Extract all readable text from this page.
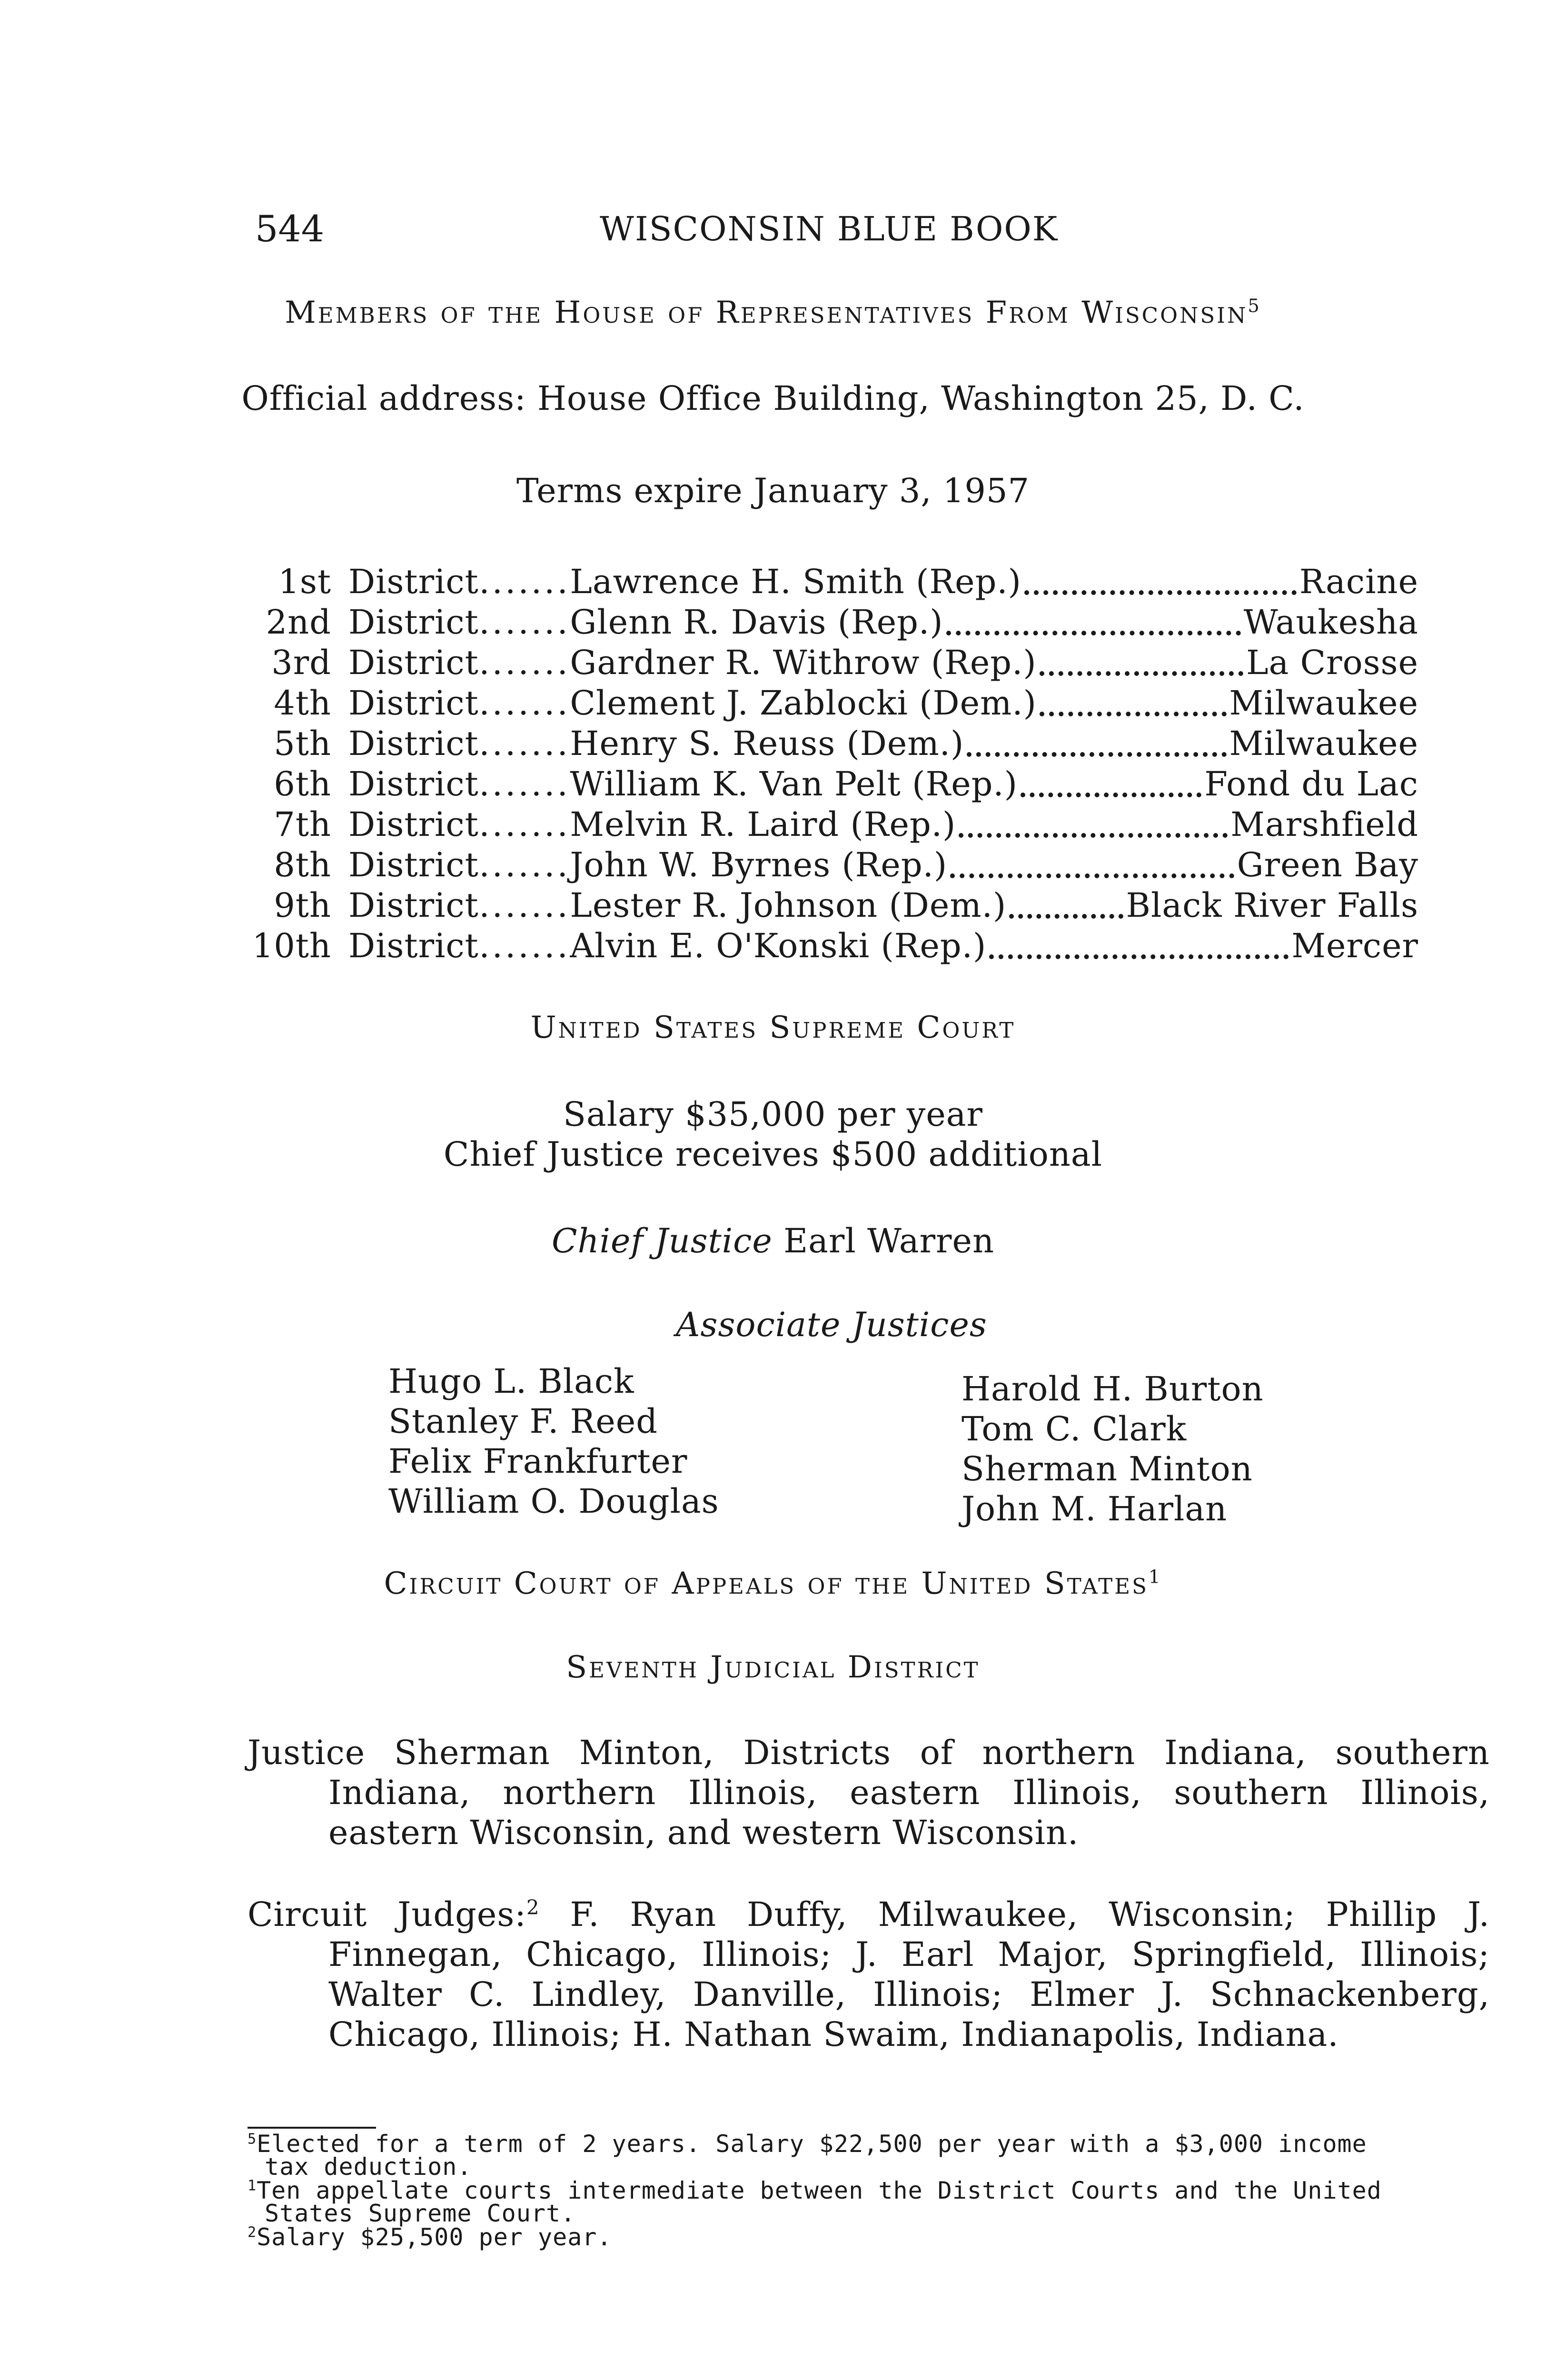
544	WISCONSIN BLUE BOOK
Members of the House of Representatives From Wisconsin$^5$
Official address: House Office Building, Washington 25, D. C.
Terms expire January 3, 1957
1st District ․․․․․․․ Lawrence H. Smith (Rep.)	Racine
2nd District ․․․․․․․ Glenn R. Davis (Rep.)	Waukesha
3rd District ․․․․․․․ Gardner R. Withrow (Rep.)	La Crosse
4th District ․․․․․․․ Clement J. Zablocki (Dem.)	Milwaukee
5th District ․․․․․․․ Henry S. Reuss (Dem.)	Milwaukee
6th District ․․․․․․․ William K. Van Pelt (Rep.)	Fond du Lac
7th District ․․․․․․․ Melvin R. Laird (Rep.)	Marshfield
8th District ․․․․․․․ John W. Byrnes (Rep.)	Green Bay
9th District ․․․․․․․ Lester R. Johnson (Dem.)	Black River Falls
10th District ․․․․․․․ Alvin E. O'Konski (Rep.)	Mercer
United States Supreme Court
Salary $35,000 per year
Chief Justice receives $500 additional
Chief Justice Earl Warren
Associate Justices
Hugo L. Black
Stanley F. Reed
Felix Frankfurter
William O. Douglas
Harold H. Burton
Tom C. Clark
Sherman Minton
John M. Harlan
Circuit Court of Appeals of the United States$^1$
Seventh Judicial District
Justice Sherman Minton, Districts of northern Indiana, southern Indiana, northern Illinois, eastern Illinois, southern Illinois, eastern Wisconsin, and western Wisconsin.
Circuit Judges:$^2$ F. Ryan Duffy, Milwaukee, Wisconsin; Phillip J. Finnegan, Chicago, Illinois; J. Earl Major, Springfield, Illinois; Walter C. Lindley, Danville, Illinois; Elmer J. Schnackenberg, Chicago, Illinois; H. Nathan Swaim, Indianapolis, Indiana.
$^5$Elected for a term of 2 years. Salary $22,500 per year with a $3,000 income tax deduction.
$^1$Ten appellate courts intermediate between the District Courts and the United States Supreme Court.
$^2$Salary $25,500 per year.
